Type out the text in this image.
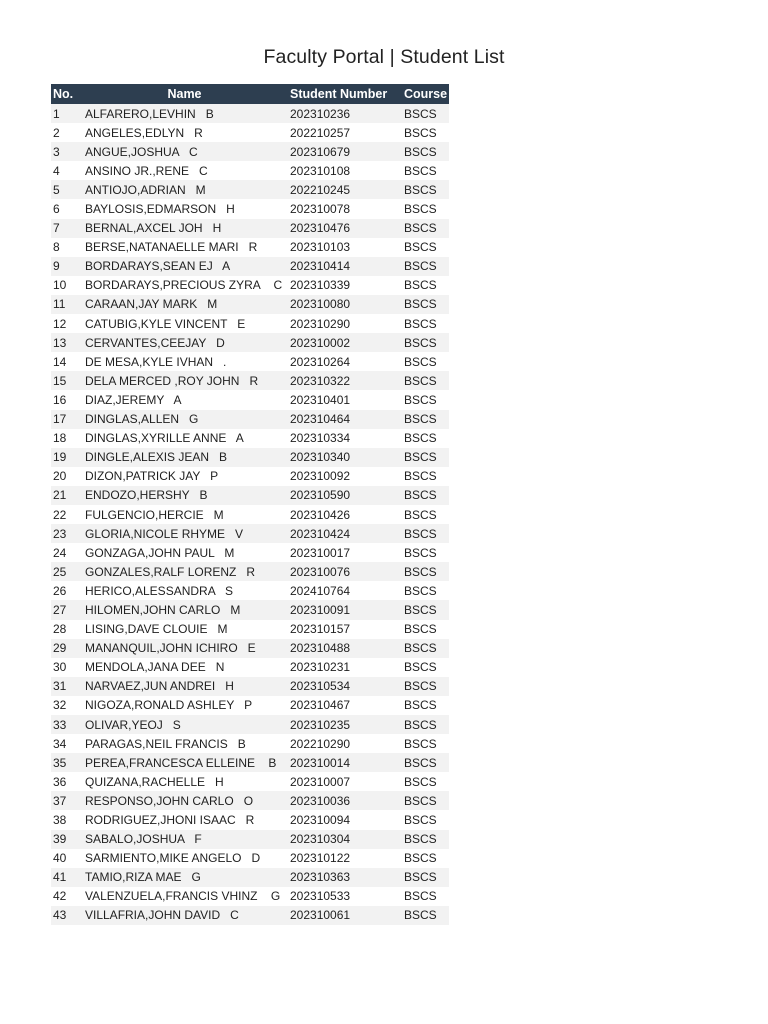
Faculty Portal | Student List
No.	Name	Student Number	Course
1	ALFARERO,LEVHIN   B	202310236	BSCS
2	ANGELES,EDLYN   R	202210257	BSCS
3	ANGUE,JOSHUA   C	202310679	BSCS
4	ANSINO JR.,RENE   C	202310108	BSCS
5	ANTIOJO,ADRIAN   M	202210245	BSCS
6	BAYLOSIS,EDMARSON   H	202310078	BSCS
7	BERNAL,AXCEL JOH   H	202310476	BSCS
8	BERSE,NATANAELLE MARI   R	202310103	BSCS
9	BORDARAYS,SEAN EJ   A	202310414	BSCS
10	BORDARAYS,PRECIOUS ZYRA    C	202310339	BSCS
11	CARAAN,JAY MARK   M	202310080	BSCS
12	CATUBIG,KYLE VINCENT   E	202310290	BSCS
13	CERVANTES,CEEJAY   D	202310002	BSCS
14	DE MESA,KYLE IVHAN   .	202310264	BSCS
15	DELA MERCED ,ROY JOHN   R	202310322	BSCS
16	DIAZ,JEREMY   A	202310401	BSCS
17	DINGLAS,ALLEN   G	202310464	BSCS
18	DINGLAS,XYRILLE ANNE   A	202310334	BSCS
19	DINGLE,ALEXIS JEAN   B	202310340	BSCS
20	DIZON,PATRICK JAY   P	202310092	BSCS
21	ENDOZO,HERSHY   B	202310590	BSCS
22	FULGENCIO,HERCIE   M	202310426	BSCS
23	GLORIA,NICOLE RHYME   V	202310424	BSCS
24	GONZAGA,JOHN PAUL   M	202310017	BSCS
25	GONZALES,RALF LORENZ   R	202310076	BSCS
26	HERICO,ALESSANDRA   S	202410764	BSCS
27	HILOMEN,JOHN CARLO   M	202310091	BSCS
28	LISING,DAVE CLOUIE   M	202310157	BSCS
29	MANANQUIL,JOHN ICHIRO   E	202310488	BSCS
30	MENDOLA,JANA DEE   N	202310231	BSCS
31	NARVAEZ,JUN ANDREI   H	202310534	BSCS
32	NIGOZA,RONALD ASHLEY   P	202310467	BSCS
33	OLIVAR,YEOJ   S	202310235	BSCS
34	PARAGAS,NEIL FRANCIS   B	202210290	BSCS
35	PEREA,FRANCESCA ELLEINE    B	202310014	BSCS
36	QUIZANA,RACHELLE   H	202310007	BSCS
37	RESPONSO,JOHN CARLO   O	202310036	BSCS
38	RODRIGUEZ,JHONI ISAAC   R	202310094	BSCS
39	SABALO,JOSHUA   F	202310304	BSCS
40	SARMIENTO,MIKE ANGELO   D	202310122	BSCS
41	TAMIO,RIZA MAE   G	202310363	BSCS
42	VALENZUELA,FRANCIS VHINZ    G	202310533	BSCS
43	VILLAFRIA,JOHN DAVID   C	202310061	BSCS
